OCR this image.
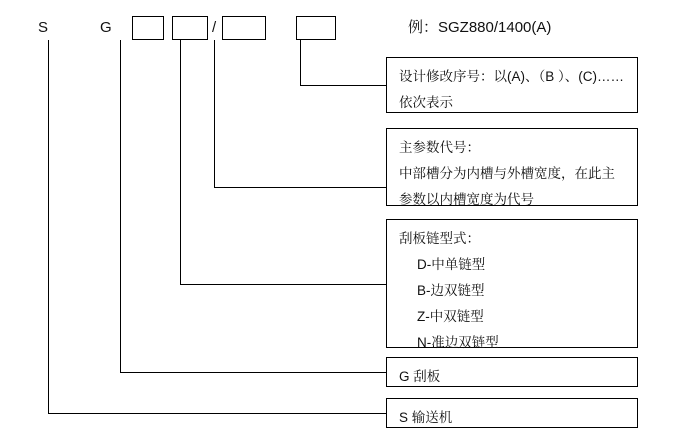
S	G	/	例：SGZ880/1400(A)
设计修改序号：以(A)、（B ）、(C)……
依次表示
主参数代号：
中部槽分为内槽与外槽宽度，在此主
参数以内槽宽度为代号
刮板链型式：
D-中单链型
B-边双链型
Z-中双链型
N-准边双链型
G 刮板
S 输送机
